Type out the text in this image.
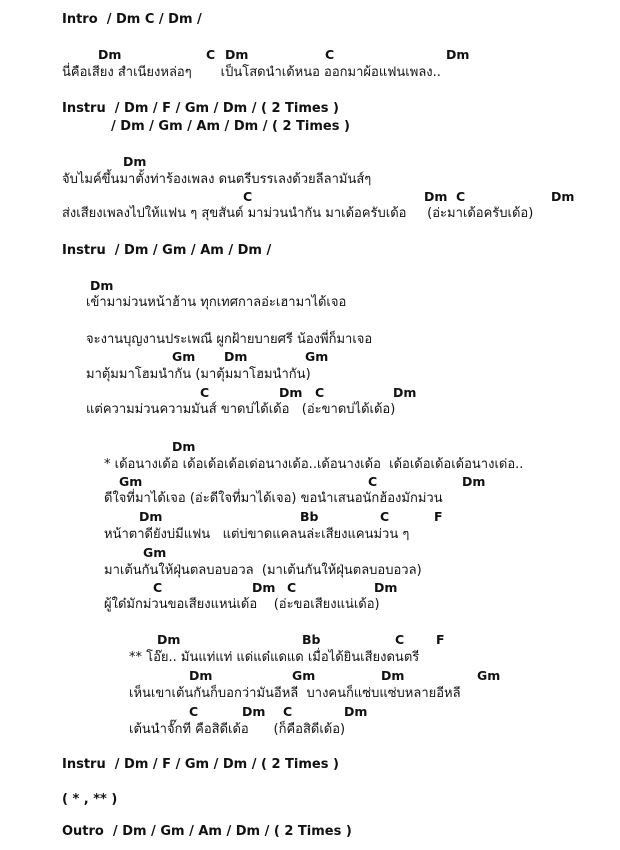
Intro  / Dm C / Dm /
Dm	C Dm	C	Dm
นี่คือเสียง สำเนียงหล่อๆ       เป็นโสดนำเด้หนอ ออกมาผ้อแฟนเพลง..
Instru  / Dm / F / Gm / Dm / ( 2 Times )
/ Dm / Gm / Am / Dm / ( 2 Times )
Dm
จับไมค์ขึ้นมาตั้งท่าร้องเพลง ดนตรีบรรเลงด้วยลีลามันส์ๆ
C	Dm C	Dm
ส่งเสียงเพลงไปให้แฟน ๆ สุขสันต์ มาม่วนนำกัน มาเด้อครับเด้อ     (อ่ะมาเด้อครับเด้อ)
Instru  / Dm / Gm / Am / Dm /
Dm
เข้ามาม่วนหน้าฮ้าน ทุกเทศกาลอ่ะเฮามาได้เจอ
จะงานบุญงานประเพณี ผูกฝ้ายบายศรี น้องพี่ก็มาเจอ
Gm Dm	Gm
มาตุ้มมาโฮมนำกัน (มาตุ้มมาโฮมนำกัน)
C	Dm C	Dm
แต่ความม่วนความมันส์ ขาดบ่ได้เด้อ   (อ่ะขาดบ่ได้เด้อ)
Dm
* เด้อนางเด้อ เด้อเด้อเด้อเด่อนางเด้อ..เด้อนางเด้อ  เด้อเด้อเด้อเด้อนางเด่อ..
Gm	C	Dm
ดีใจที่มาได้เจอ (อ่ะดีใจที่มาได้เจอ) ขอนำเสนอนักฮ้องมักม่วน
Dm	Bb	C	F
หน้าตาดียังบ่มีแฟน   แต่บ่ขาดแคลนล่ะเสียงแคนม่วน ๆ
Gm
มาเต้นกันให้ฝุ่นตลบอบอวล  (มาเต้นกันให้ฝุ่นตลบอบอวล)
C	Dm C	Dm
ผู้ใด๋มักม่วนขอเสียงแหน่เด้อ    (อ่ะขอเสียงแน่เด้อ)
Dm	Bb	C	F
** โอ๊ย.. มันแท่แท่ แด่แด๋แดแด เมื่อได้ยินเสียงดนตรี
Dm	Gm	Dm	Gm
เห็นเขาเต้นกันก็บอกว่ามันอีหลี  บางคนก็แซ่บแซ่บหลายอีหลี
C	Dm C	Dm
เต้นนำจั๊กที คือสิดีเด้อ      (ก็คือสิดีเด้อ)
Instru  / Dm / F / Gm / Dm / ( 2 Times )
( * , ** )
Outro  / Dm / Gm / Am / Dm / ( 2 Times )
